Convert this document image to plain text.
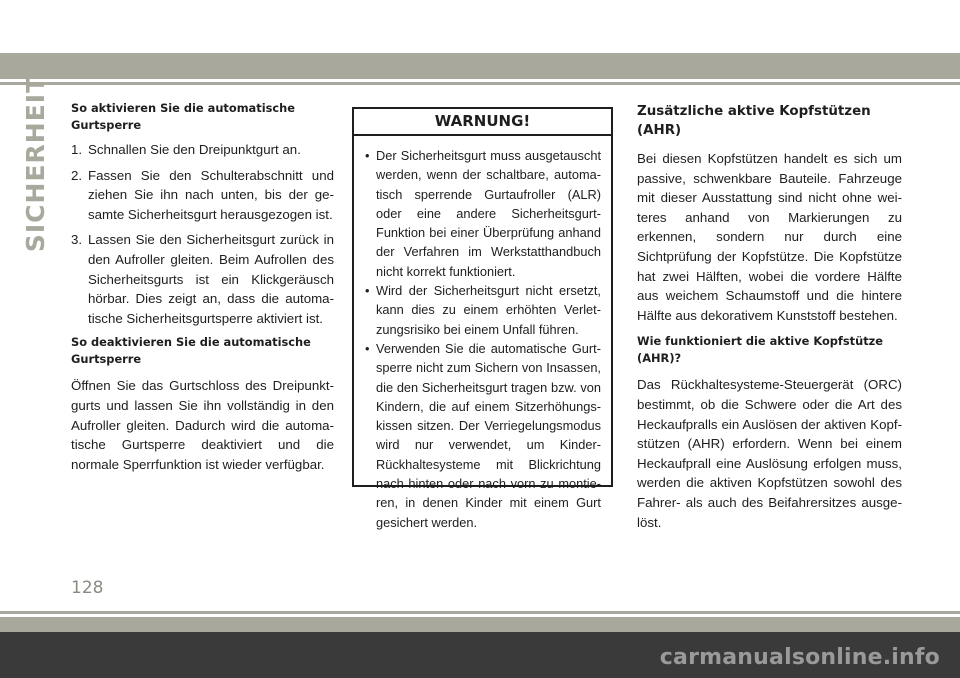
SICHERHEIT So aktivieren Sie die automatische Gurtsperre
1. Schnallen Sie den Dreipunktgurt an.
2. Fassen Sie den Schulterabschnitt und ziehen Sie ihn nach unten, bis der gesamte Sicherheitsgurt herausgezogen ist.
3. Lassen Sie den Sicherheitsgurt zurück in den Aufroller gleiten. Beim Aufrollen des Sicherheitsgurts ist ein Klickgeräusch hörbar. Dies zeigt an, dass die automatische Sicherheitsgurtsperre aktiviert ist.
So deaktivieren Sie die automatische Gurtsperre
Öffnen Sie das Gurtschloss des Dreipunktgurts und lassen Sie ihn vollständig in den Aufroller gleiten. Dadurch wird die automatische Gurtsperre deaktiviert und die normale Sperrfunktion ist wieder verfügbar.
WARNUNG!
• Der Sicherheitsgurt muss ausgetauscht werden, wenn der schaltbare, automatisch sperrende Gurtaufroller (ALR) oder eine andere Sicherheitsgurt-Funktion bei einer Überprüfung anhand der Verfahren im Werkstatthandbuch nicht korrekt funktioniert.
• Wird der Sicherheitsgurt nicht ersetzt, kann dies zu einem erhöhten Verletzungsrisiko bei einem Unfall führen.
• Verwenden Sie die automatische Gurtsperre nicht zum Sichern von Insassen, die den Sicherheitsgurt tragen bzw. von Kindern, die auf einem Sitzerhöhungskissen sitzen. Der Verriegelungsmodus wird nur verwendet, um Kinder-Rückhaltesysteme mit Blickrichtung nach hinten oder nach vorn zu montieren, in denen Kinder mit einem Gurt gesichert werden.
Zusätzliche aktive Kopfstützen (AHR)
Bei diesen Kopfstützen handelt es sich um passive, schwenkbare Bauteile. Fahrzeuge mit dieser Ausstattung sind nicht ohne weiteres anhand von Markierungen zu erkennen, sondern nur durch eine Sichtprüfung der Kopfstütze. Die Kopfstütze hat zwei Hälften, wobei die vordere Hälfte aus weichem Schaumstoff und die hintere Hälfte aus dekorativem Kunststoff bestehen.
Wie funktioniert die aktive Kopfstütze (AHR)?
Das Rückhaltesysteme-Steuergerät (ORC) bestimmt, ob die Schwere oder die Art des Heckaufpralls ein Auslösen der aktiven Kopfstützen (AHR) erfordern. Wenn bei einem Heckaufprall eine Auslösung erfolgen muss, werden die aktiven Kopfstützen sowohl des Fahrer- als auch des Beifahrersitzes ausgelöst.
128
carmanualsonline.info
